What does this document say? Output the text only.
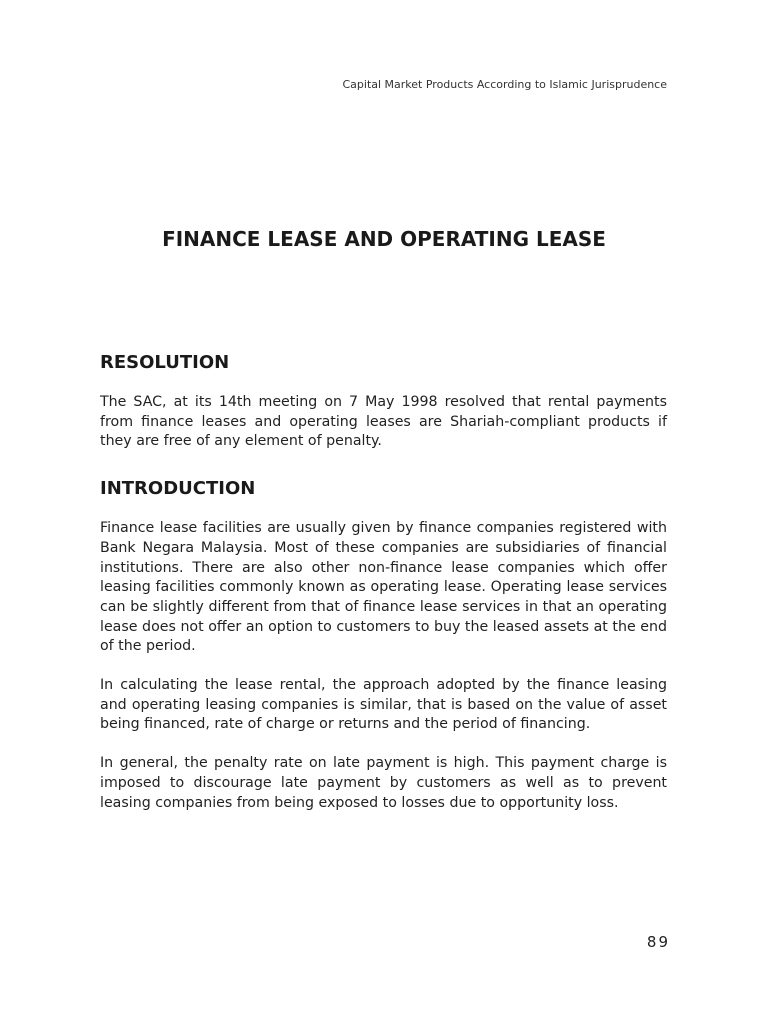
Capital Market Products According to Islamic Jurisprudence
FINANCE LEASE AND OPERATING LEASE
RESOLUTION

The SAC, at its 14th meeting on 7 May 1998 resolved that rental payments from finance leases and operating leases are Shariah-compliant products if they are free of any element of penalty.

INTRODUCTION

Finance lease facilities are usually given by finance companies registered with Bank Negara Malaysia. Most of these companies are subsidiaries of financial institutions. There are also other non-finance lease companies which offer leasing facilities commonly known as operating lease. Operating lease services can be slightly different from that of finance lease services in that an operating lease does not offer an option to customers to buy the leased assets at the end of the period.

In calculating the lease rental, the approach adopted by the finance leasing and operating leasing companies is similar, that is based on the value of asset being financed, rate of charge or returns and the period of financing.

In general, the penalty rate on late payment is high. This payment charge is imposed to discourage late payment by customers as well as to prevent leasing companies from being exposed to losses due to opportunity loss.

89
